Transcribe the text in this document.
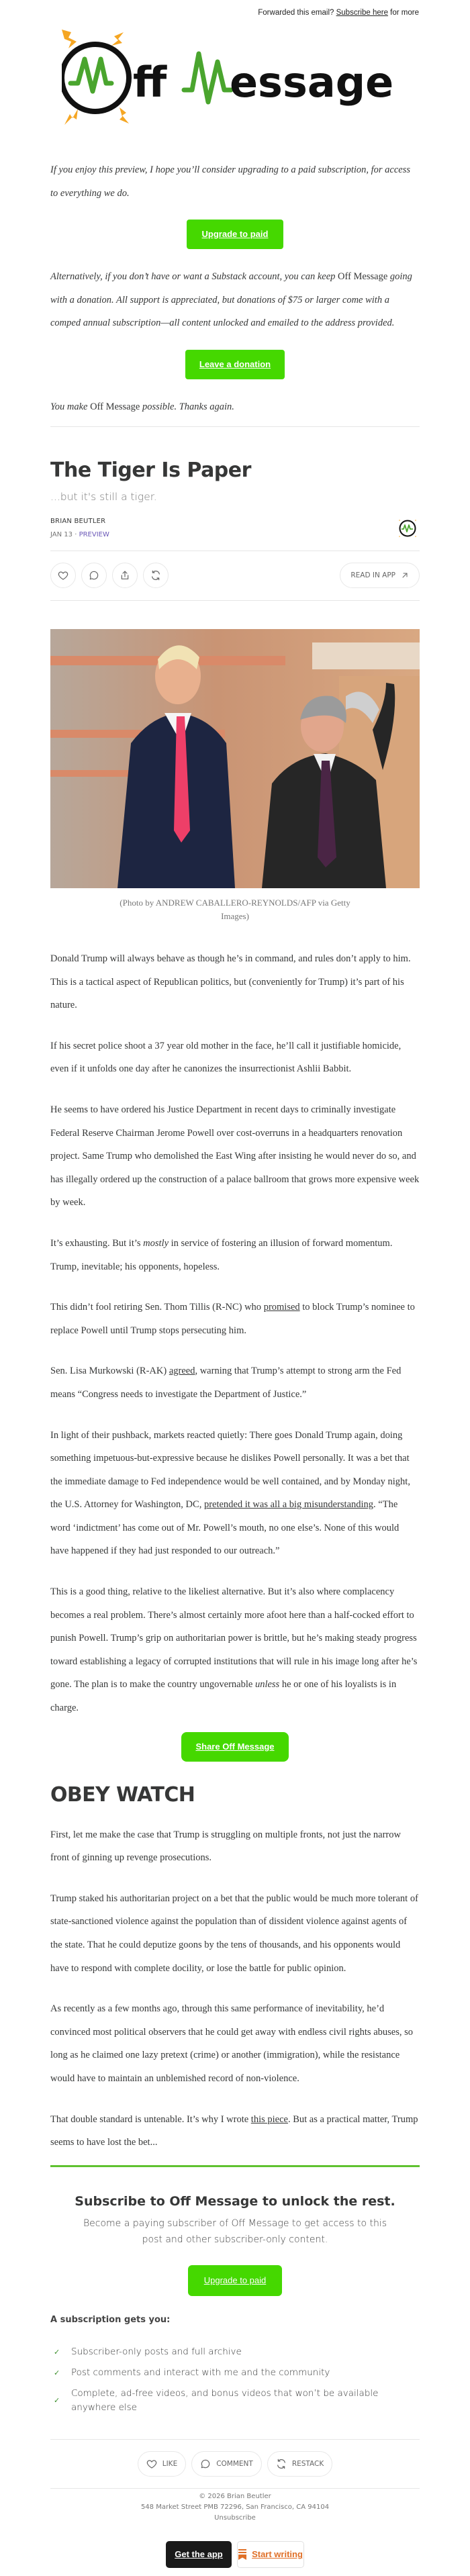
Forwarded this email? Subscribe here for more
ff essage

If you enjoy this preview, I hope you’ll consider upgrading to a paid subscription, for access to everything we do.

Upgrade to paid

Alternatively, if you don’t have or want a Substack account, you can keep Off Message going with a donation. All support is appreciated, but donations of $75 or larger come with a comped annual subscription—all content unlocked and emailed to the address provided.

Leave a donation

You make Off Message possible. Thanks again.

The Tiger Is Paper
...but it's still a tiger.
BRIAN BEUTLER
JAN 13 · PREVIEW
READ IN APP

(Photo by ANDREW CABALLERO-REYNOLDS/AFP via Getty Images)

Donald Trump will always behave as though he’s in command, and rules don’t apply to him. This is a tactical aspect of Republican politics, but (conveniently for Trump) it’s part of his nature.

If his secret police shoot a 37 year old mother in the face, he’ll call it justifiable homicide, even if it unfolds one day after he canonizes the insurrectionist Ashlii Babbit.

He seems to have ordered his Justice Department in recent days to criminally investigate Federal Reserve Chairman Jerome Powell over cost-overruns in a headquarters renovation project. Same Trump who demolished the East Wing after insisting he would never do so, and has illegally ordered up the construction of a palace ballroom that grows more expensive week by week.

It’s exhausting. But it’s mostly in service of fostering an illusion of forward momentum. Trump, inevitable; his opponents, hopeless.

This didn’t fool retiring Sen. Thom Tillis (R-NC) who promised to block Trump’s nominee to replace Powell until Trump stops persecuting him.

Sen. Lisa Murkowski (R-AK) agreed, warning that Trump’s attempt to strong arm the Fed means “Congress needs to investigate the Department of Justice.”

In light of their pushback, markets reacted quietly: There goes Donald Trump again, doing something impetuous-but-expressive because he dislikes Powell personally. It was a bet that the immediate damage to Fed independence would be well contained, and by Monday night, the U.S. Attorney for Washington, DC, pretended it was all a big misunderstanding. “The word ‘indictment’ has come out of Mr. Powell’s mouth, no one else’s. None of this would have happened if they had just responded to our outreach.”

This is a good thing, relative to the likeliest alternative. But it’s also where complacency becomes a real problem. There’s almost certainly more afoot here than a half-cocked effort to punish Powell. Trump’s grip on authoritarian power is brittle, but he’s making steady progress toward establishing a legacy of corrupted institutions that will rule in his image long after he’s gone. The plan is to make the country ungovernable unless he or one of his loyalists is in charge.

Share Off Message
OBEY WATCH

First, let me make the case that Trump is struggling on multiple fronts, not just the narrow front of ginning up revenge prosecutions.

Trump staked his authoritarian project on a bet that the public would be much more tolerant of state-sanctioned violence against the population than of dissident violence against agents of the state. That he could deputize goons by the tens of thousands, and his opponents would have to respond with complete docility, or lose the battle for public opinion.

As recently as a few months ago, through this same performance of inevitability, he’d convinced most political observers that he could get away with endless civil rights abuses, so long as he claimed one lazy pretext (crime) or another (immigration), while the resistance would have to maintain an unblemished record of non-violence.

That double standard is untenable. It’s why I wrote this piece. But as a practical matter, Trump seems to have lost the bet...

Subscribe to Off Message to unlock the rest.

Become a paying subscriber of Off Message to get access to this post and other subscriber-only content.

Upgrade to paid
A subscription gets you:
✓	Subscriber-only posts and full archive
✓	Post comments and interact with me and the community
✓
Complete, ad-free videos, and bonus videos that won’t be available anywhere else
LIKE	COMMENT	RESTACK
© 2026 Brian Beutler
548 Market Street PMB 72296, San Francisco, CA 94104
Unsubscribe
Get the app	Start writing
